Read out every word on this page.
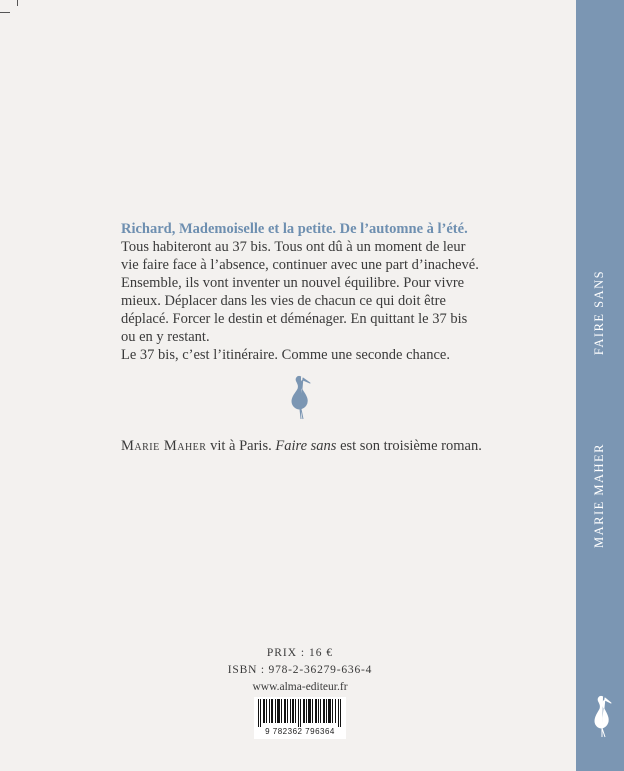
Richard, Mademoiselle et la petite. De l’automne à l’été.

Tous habiteront au 37 bis. Tous ont dû à un moment de leur vie faire face à l’absence, continuer avec une part d’inachevé. Ensemble, ils vont inventer un nouvel équilibre. Pour vivre mieux. Déplacer dans les vies de chacun ce qui doit être déplacé. Forcer le destin et déménager. En quittant le 37 bis ou en y restant.

Le 37 bis, c’est l’itinéraire. Comme une seconde chance.

Marie Maher vit à Paris. Faire sans est son troisième roman.
PRIX : 16 €
ISBN : 978-2-36279-636-4
www.alma-editeur.fr
9 782362 796364
FAIRE SANS
MARIE MAHER
